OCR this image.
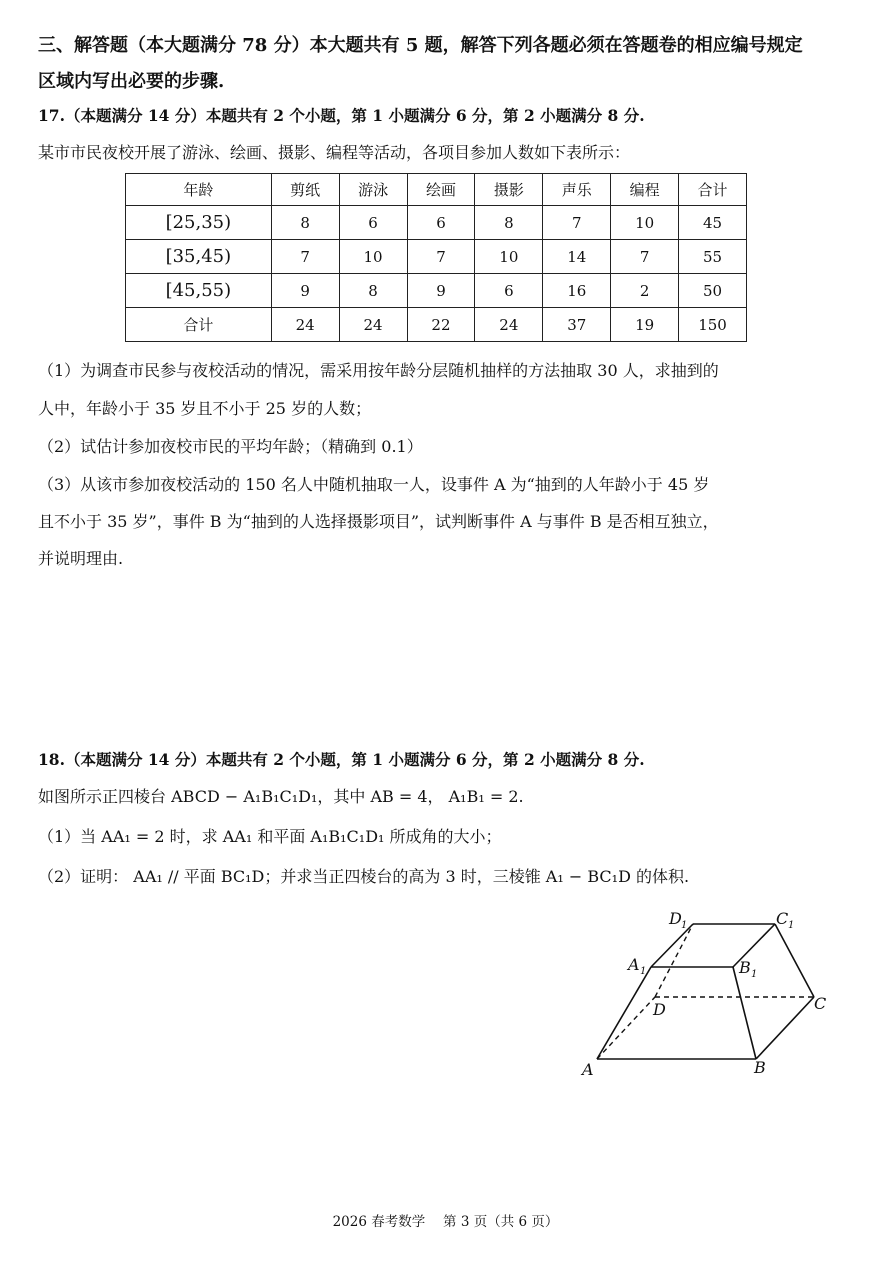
三、解答题（本大题满分 78 分）本大题共有 5 题，解答下列各题必须在答题卷的相应编号规定
区域内写出必要的步骤.
17.（本题满分 14 分）本题共有 2 个小题，第 1 小题满分 6 分，第 2 小题满分 8 分.
某市市民夜校开展了游泳、绘画、摄影、编程等活动，各项目参加人数如下表所示：
年龄	剪纸	游泳	绘画	摄影	声乐	编程	合计
[25,35)	8	6	6	8	7	10	45
[35,45)	7	10	7	10	14	7	55
[45,55)	9	8	9	6	16	2	50
合计	24	24	22	24	37	19	150
（1）为调查市民参与夜校活动的情况，需采用按年龄分层随机抽样的方法抽取 30 人，求抽到的
人中，年龄小于 35 岁且不小于 25 岁的人数；
（2）试估计参加夜校市民的平均年龄；（精确到 0.1）
（3）从该市参加夜校活动的 150 名人中随机抽取一人，设事件 A 为“抽到的人年龄小于 45 岁
且不小于 35 岁”，事件 B 为“抽到的人选择摄影项目”，试判断事件 A 与事件 B 是否相互独立，
并说明理由.
18.（本题满分 14 分）本题共有 2 个小题，第 1 小题满分 6 分，第 2 小题满分 8 分.
如图所示正四棱台 ABCD − A₁B₁C₁D₁，其中 AB = 4， A₁B₁ = 2.
（1）当 AA₁ = 2 时，求 AA₁ 和平面 A₁B₁C₁D₁ 所成角的大小；
（2）证明： AA₁ // 平面 BC₁D；并求当正四棱台的高为 3 时，三棱锥 A₁ − BC₁D 的体积.
A	B
C
D
A 1	B 1
C 1
D 1
2026 春考数学　 第 3 页（共 6 页）
